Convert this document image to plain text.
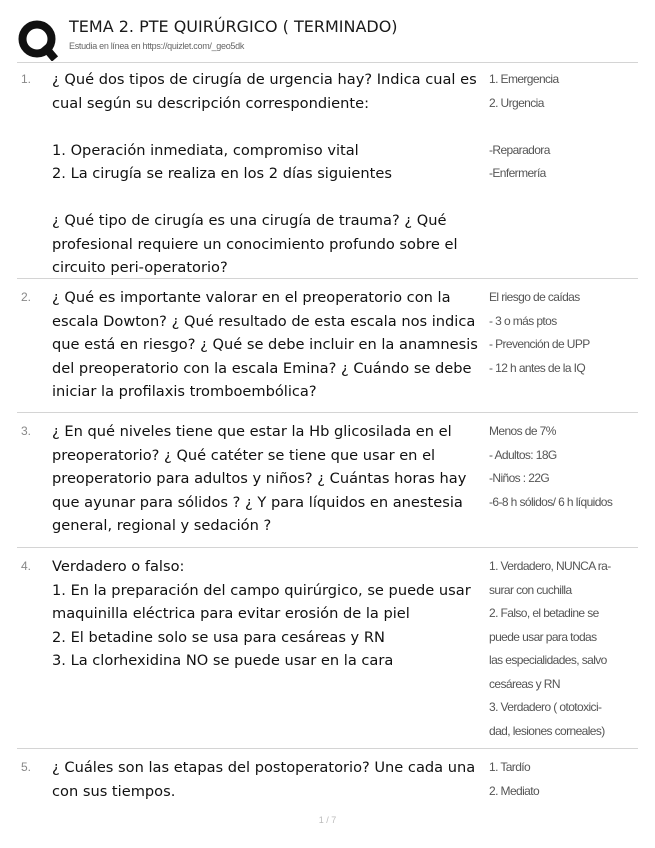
TEMA 2. PTE QUIRÚRGICO ( TERMINADO)
Estudia en línea en https://quizlet.com/_geo5dk
1. ¿ Qué dos tipos de cirugía de urgencia hay? Indica cual es cual según su descripción correspondiente:

1. Operación inmediata, compromiso vital
2. La cirugía se realiza en los 2 días siguientes

¿ Qué tipo de cirugía es una cirugía de trauma? ¿ Qué profesional requiere un conocimiento profundo sobre el circuito peri-operatorio?
1. Emergencia
2. Urgencia

-Reparadora
-Enfermería
2. ¿ Qué es importante valorar en el preoperatorio con la escala Dowton? ¿ Qué resultado de esta escala nos indica que está en riesgo? ¿ Qué se debe incluir en la anamnesis del preoperatorio con la escala Emina? ¿ Cuándo se debe iniciar la profilaxis tromboembólica?
El riesgo de caídas
- 3 o más ptos
- Prevención de UPP
- 12 h antes de la IQ
3. ¿ En qué niveles tiene que estar la Hb glicosilada en el preoperatorio? ¿ Qué catéter se tiene que usar en el preoperatorio para adultos y niños? ¿ Cuántas horas hay que ayunar para sólidos ? ¿ Y para líquidos en anestesia general, regional y sedación ?
Menos de 7%
- Adultos: 18G
-Niños : 22G
-6-8 h sólidos/ 6 h líquidos
4. Verdadero o falso:
1. En la preparación del campo quirúrgico, se puede usar maquinilla eléctrica para evitar erosión de la piel
2. El betadine solo se usa para cesáreas y RN
3. La clorhexidina NO se puede usar en la cara
1. Verdadero, NUNCA ra-
surar con cuchilla
2. Falso, el betadine se
puede usar para todas
las especialidades, salvo
cesáreas y RN
3. Verdadero ( ototoxici-
dad, lesiones corneales)
5. ¿ Cuáles son las etapas del postoperatorio? Une cada una con sus tiempos.
1. Tardío
2. Mediato
1 / 7
